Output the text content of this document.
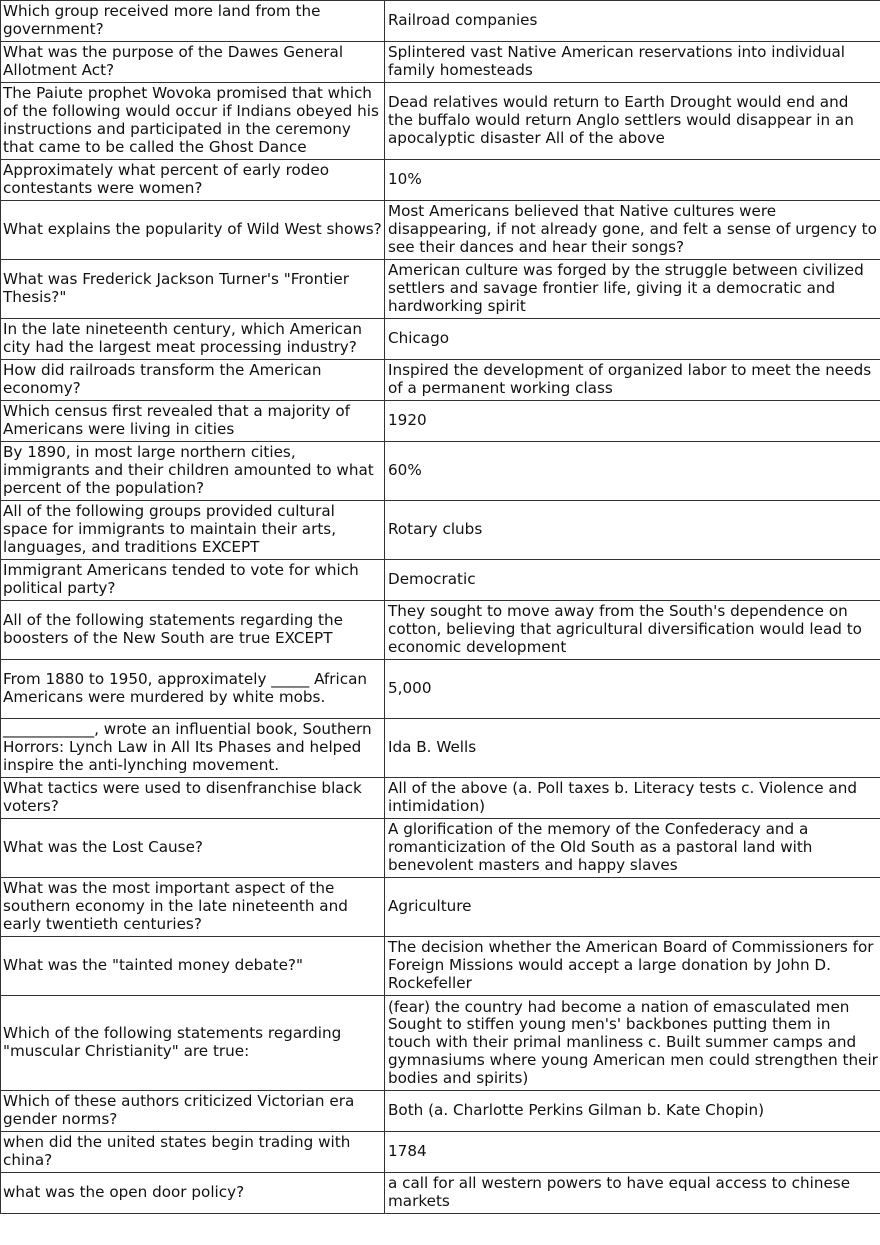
Which group received more land from the government?	Railroad companies
What was the purpose of the Dawes General Allotment Act?	Splintered vast Native American reservations into individual family homesteads
The Paiute prophet Wovoka promised that which of the following would occur if Indians obeyed his instructions and participated in the ceremony that came to be called the Ghost Dance	Dead relatives would return to Earth Drought would end and the buffalo would return Anglo settlers would disappear in an apocalyptic disaster All of the above
Approximately what percent of early rodeo contestants were women?	10%
What explains the popularity of Wild West shows?	Most Americans believed that Native cultures were disappearing, if not already gone, and felt a sense of urgency to see their dances and hear their songs?
What was Frederick Jackson Turner's "Frontier Thesis?"	American culture was forged by the struggle between civilized settlers and savage frontier life, giving it a democratic and hardworking spirit
In the late nineteenth century, which American city had the largest meat processing industry?	Chicago
How did railroads transform the American economy?	Inspired the development of organized labor to meet the needs of a permanent working class
Which census first revealed that a majority of Americans were living in cities	1920
By 1890, in most large northern cities, immigrants and their children amounted to what percent of the population?	60%
All of the following groups provided cultural space for immigrants to maintain their arts, languages, and traditions EXCEPT	Rotary clubs
Immigrant Americans tended to vote for which political party?	Democratic
All of the following statements regarding the boosters of the New South are true EXCEPT	They sought to move away from the South's dependence on cotton, believing that agricultural diversification would lead to economic development
From 1880 to 1950, approximately _____ African Americans were murdered by white mobs.	5,000
____________, wrote an influential book, Southern Horrors: Lynch Law in All Its Phases and helped inspire the anti-lynching movement.	Ida B. Wells
What tactics were used to disenfranchise black voters?	All of the above (a. Poll taxes b. Literacy tests c. Violence and intimidation)
What was the Lost Cause?	A glorification of the memory of the Confederacy and a romanticization of the Old South as a pastoral land with benevolent masters and happy slaves
What was the most important aspect of the southern economy in the late nineteenth and early twentieth centuries?	Agriculture
What was the "tainted money debate?"	The decision whether the American Board of Commissioners for Foreign Missions would accept a large donation by John D. Rockefeller
Which of the following statements regarding "muscular Christianity" are true:	(fear) the country had become a nation of emasculated men Sought to stiffen young men's' backbones putting them in touch with their primal manliness c. Built summer camps and gymnasiums where young American men could strengthen their bodies and spirits)
Which of these authors criticized Victorian era gender norms?	Both (a. Charlotte Perkins Gilman b. Kate Chopin)
when did the united states begin trading with china?	1784
what was the open door policy?	a call for all western powers to have equal access to chinese markets
